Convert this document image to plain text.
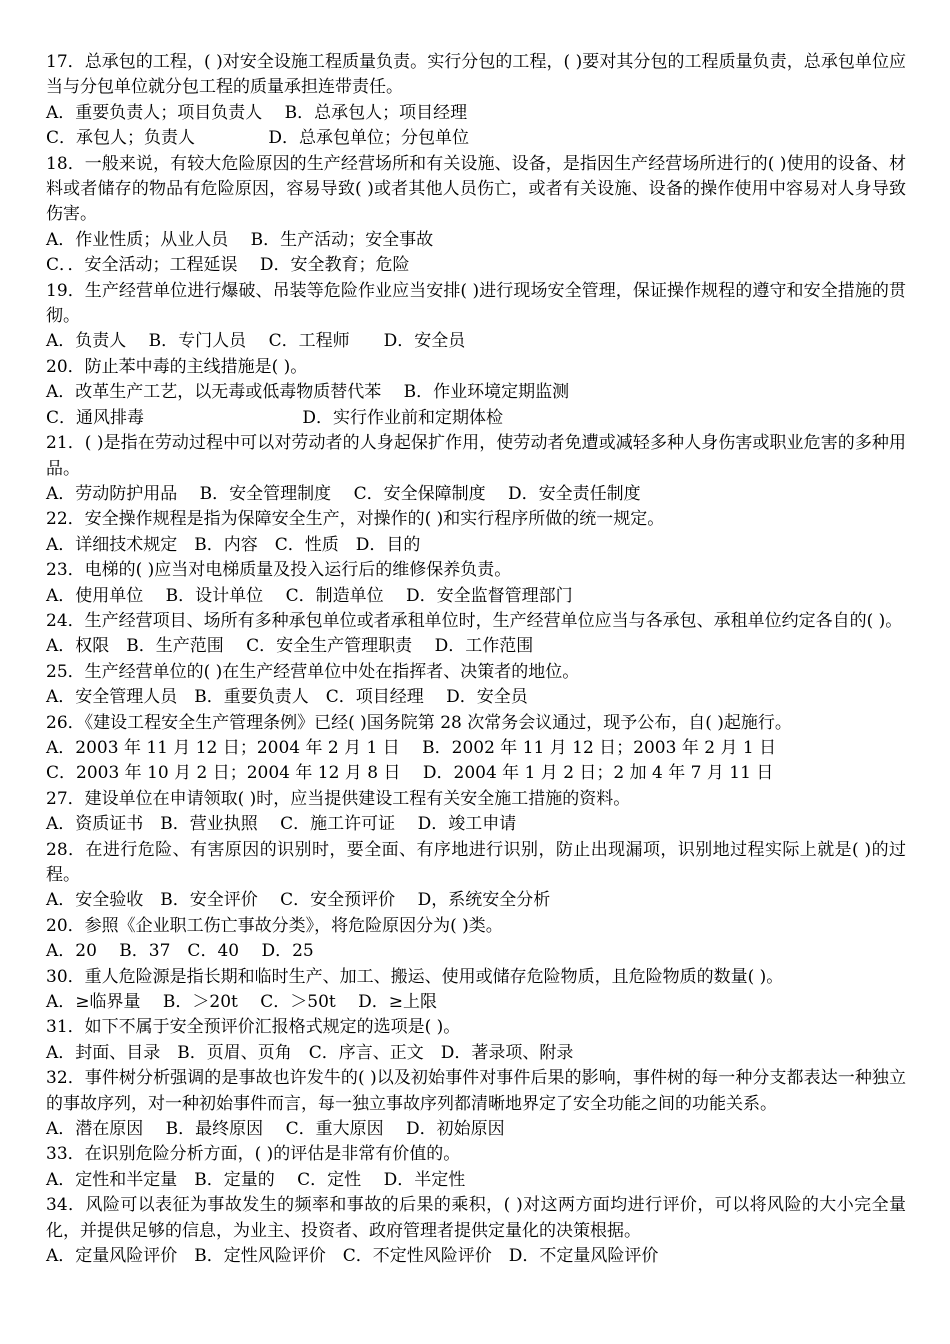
17．总承包的工程，( )对安全设施工程质量负责。实行分包的工程，( )要对其分包的工程质量负责，总承包单位应当与分包单位就分包工程的质量承担连带责任。

A．重要负责人；项目负责人　 B．总承包人；项目经理

C．承包人；负责人　　　　 D．总承包单位；分包单位

18．一般来说，有较大危险原因的生产经营场所和有关设施、设备，是指因生产经营场所进行的( )使用的设备、材料或者储存的物品有危险原因，容易导致( )或者其他人员伤亡，或者有关设施、设备的操作使用中容易对人身导致伤害。

A．作业性质；从业人员　 B．生产活动；安全事故

C．．安全活动；工程延误　 D．安全教育；危险

19．生产经营单位进行爆破、吊装等危险作业应当安排( )进行现场安全管理，保证操作规程的遵守和安全措施的贯彻。

A．负责人　 B．专门人员　 C．工程师　　D．安全员

20．防止苯中毒的主线措施是( )。

A．改革生产工艺，以无毒或低毒物质替代苯　 B．作业环境定期监测

C．通风排毒　　　　　　　　　 D．实行作业前和定期体检

21．( )是指在劳动过程中可以对劳动者的人身起保扩作用，使劳动者免遭或减轻多种人身伤害或职业危害的多种用品。

A．劳动防护用品　 B．安全管理制度　 C．安全保障制度　 D．安全责任制度

22．安全操作规程是指为保障安全生产，对操作的( )和实行程序所做的统一规定。

A．详细技术规定　B．内容　C．性质　D．目的

23．电梯的( )应当对电梯质量及投入运行后的维修保养负责。

A．使用单位　 B．设计单位　 C．制造单位　 D．安全监督管理部门

24．生产经营项目、场所有多种承包单位或者承租单位时，生产经营单位应当与各承包、承租单位约定各自的( )。

A．权限　B．生产范围　 C．安全生产管理职责　 D．工作范围

25．生产经营单位的( )在生产经营单位中处在指挥者、决策者的地位。

A．安全管理人员　B．重要负责人　C．项目经理　 D．安全员

26．《建设工程安全生产管理条例》已经( )国务院第 28 次常务会议通过，现予公布，自( )起施行。

A．2003 年 11 月 12 日；2004 年 2 月 1 日　 B．2002 年 11 月 12 日；2003 年 2 月 1 日

C．2003 年 10 月 2 日；2004 年 12 月 8 日　 D．2004 年 1 月 2 日；2 加 4 年 7 月 11 日

27．建设单位在申请领取( )时，应当提供建设工程有关安全施工措施的资料。

A．资质证书　B．营业执照　 C．施工许可证　 D．竣工申请

28．在进行危险、有害原因的识别时，要全面、有序地进行识别，防止出现漏项，识别地过程实际上就是( )的过程。

A．安全验收　B．安全评价　 C．安全预评价　 D，系统安全分析

20．参照《企业职工伤亡事故分类》，将危险原因分为( )类。

A．20　 B．37　C．40　 D．25

30．重人危险源是指长期和临时生产、加工、搬运、使用或储存危险物质，且危险物质的数量( )。

A．≥临界量　 B．＞20t　 C．＞50t　 D．≥上限

31．如下不属于安全预评价汇报格式规定的选项是( )。

A．封面、目录　B．页眉、页角　C．序言、正文　D．著录项、附录

32．事件树分析强调的是事故也许发牛的( )以及初始事件对事件后果的影响，事件树的每一种分支都表达一种独立的事故序列，对一种初始事件而言，每一独立事故序列都清晰地界定了安全功能之间的功能关系。

A．潜在原因　 B．最终原因　 C．重大原因　 D．初始原因

33．在识别危险分析方面，( )的评估是非常有价值的。

A．定性和半定量　B．定量的　 C．定性　 D．半定性

34．风险可以表征为事故发生的频率和事故的后果的乘积，( )对这两方面均进行评价，可以将风险的大小完全量化，并提供足够的信息，为业主、投资者、政府管理者提供定量化的决策根据。

A．定量风险评价　B．定性风险评价　C．不定性风险评价　D．不定量风险评价
